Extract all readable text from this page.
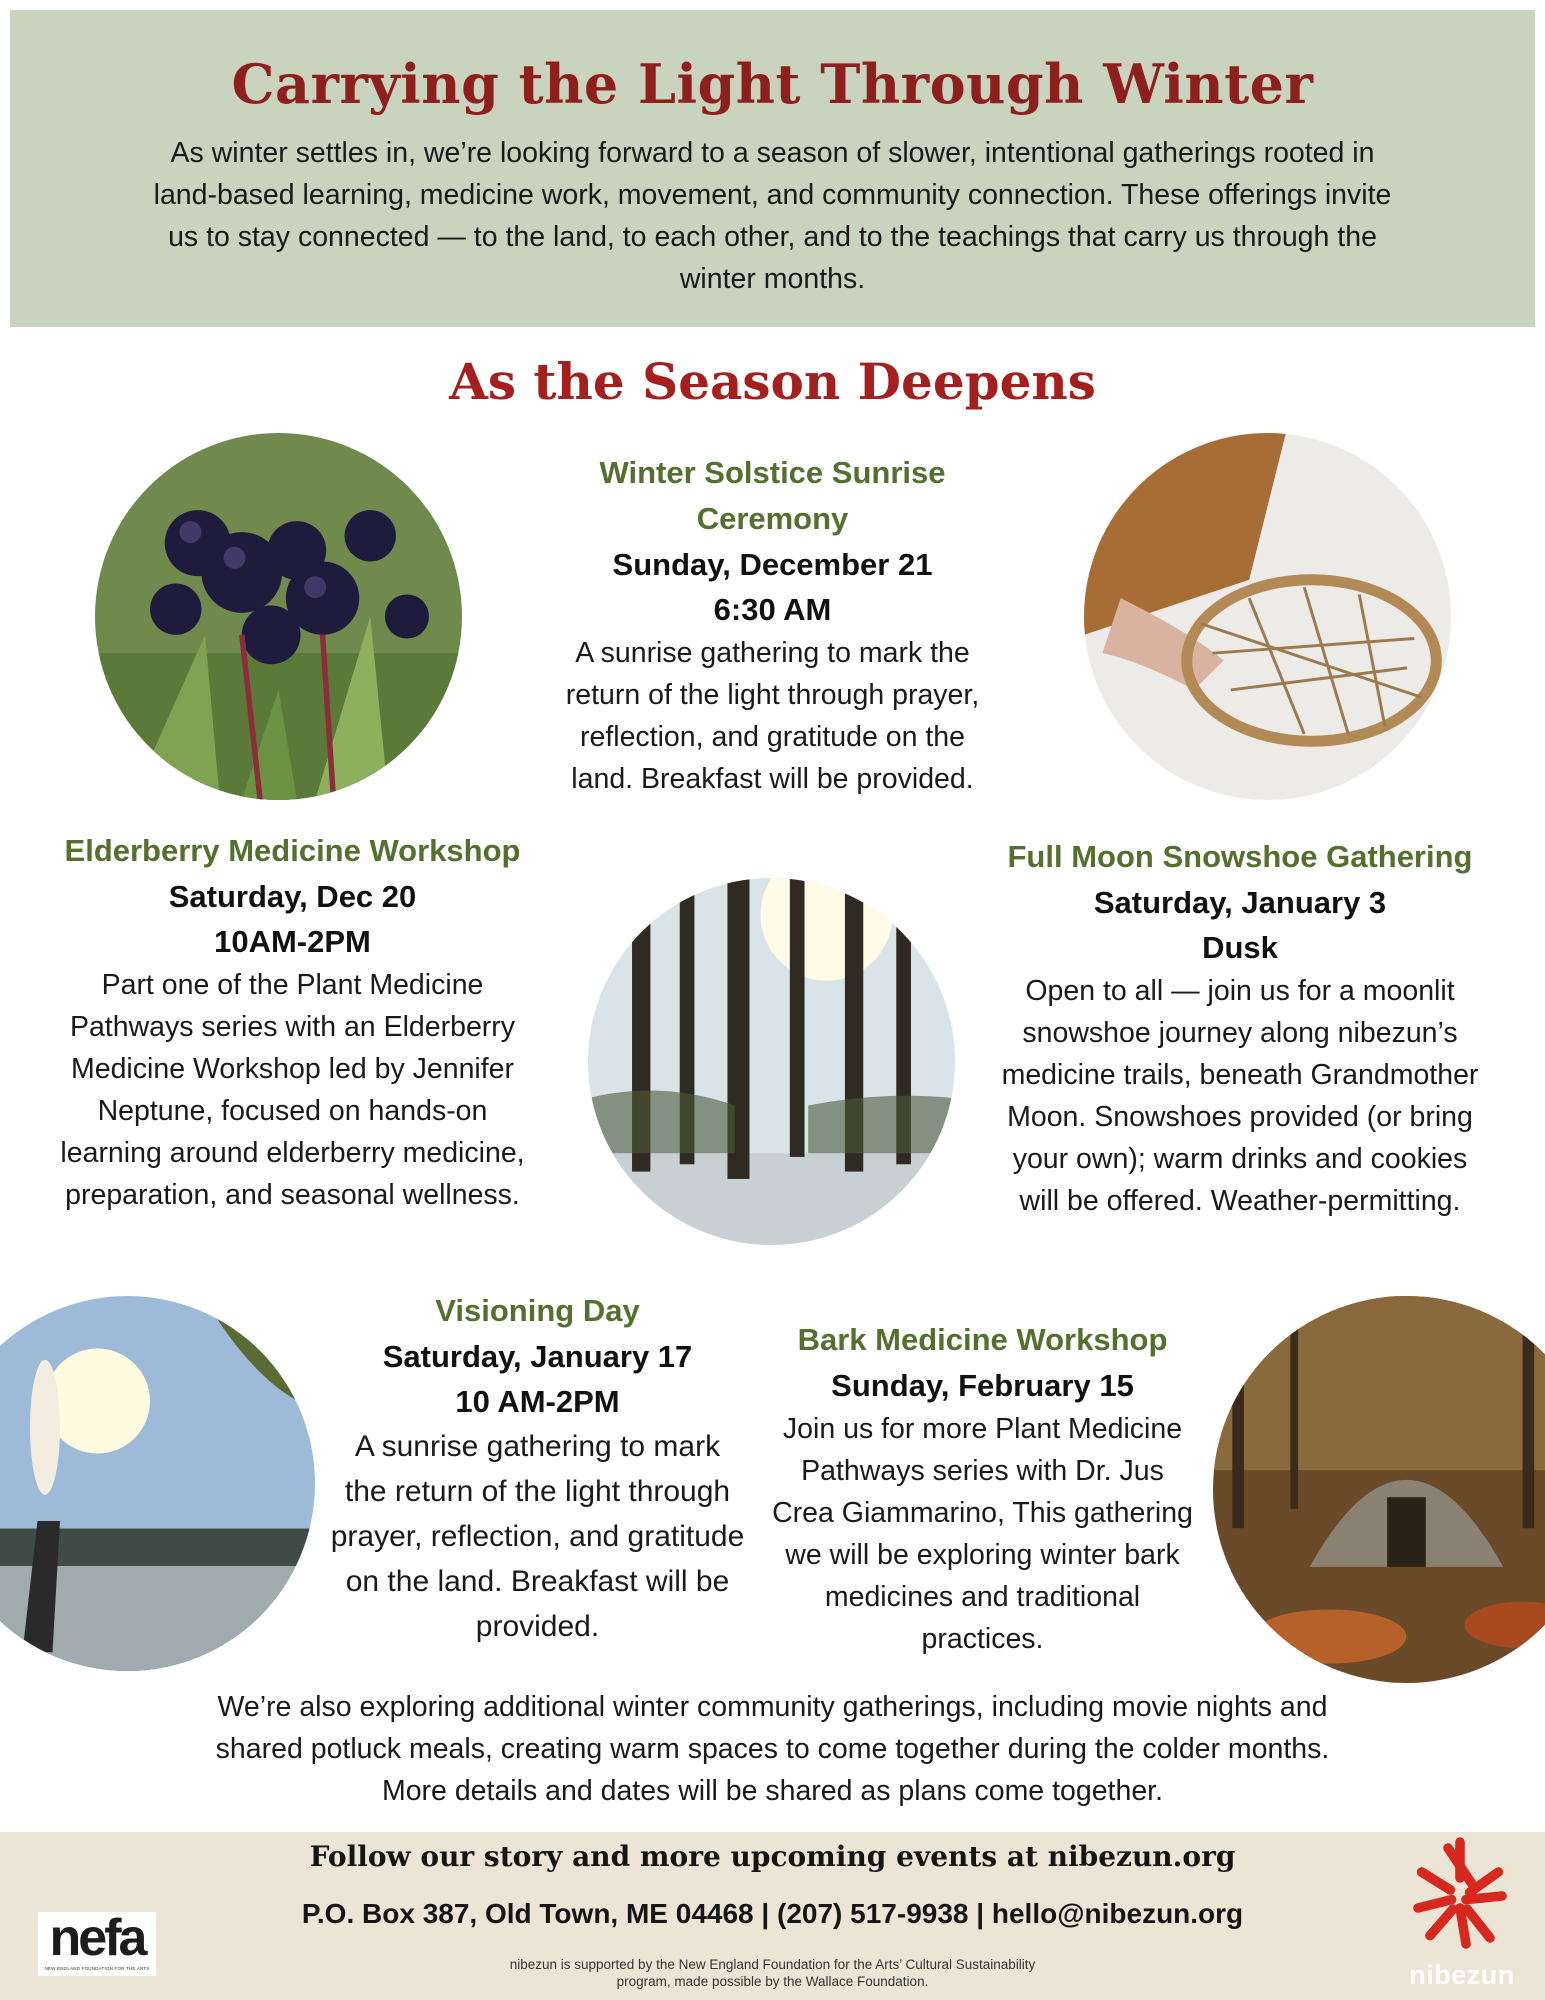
Carrying the Light Through Winter
As winter settles in, we’re looking forward to a season of slower, intentional gatherings rooted in land-based learning, medicine work, movement, and community connection. These offerings invite us to stay connected — to the land, to each other, and to the teachings that carry us through the winter months.
As the Season Deepens
Winter Solstice Sunrise
Ceremony
Sunday, December 21
6:30 AM
A sunrise gathering to mark the return of the light through prayer, reflection, and gratitude on the land. Breakfast will be provided.
Elderberry Medicine Workshop
Saturday, Dec 20
10AM-2PM
Part one of the Plant Medicine Pathways series with an Elderberry Medicine Workshop led by Jennifer Neptune, focused on hands-on learning around elderberry medicine, preparation, and seasonal wellness.
Full Moon Snowshoe Gathering
Saturday, January 3
Dusk
Open to all — join us for a moonlit snowshoe journey along nibezun’s medicine trails, beneath Grandmother Moon. Snowshoes provided (or bring your own); warm drinks and cookies will be offered. Weather-permitting.
Visioning Day
Saturday, January 17
10 AM-2PM
A sunrise gathering to mark the return of the light through prayer, reflection, and gratitude on the land. Breakfast will be provided.
Bark Medicine Workshop
Sunday, February 15
Join us for more Plant Medicine Pathways series with Dr. Jus Crea Giammarino, This gathering we will be exploring winter bark medicines and traditional practices.
We’re also exploring additional winter community gatherings, including movie nights and shared potluck meals, creating warm spaces to come together during the colder months. More details and dates will be shared as plans come together.
Follow our story and more upcoming events at nibezun.org
P.O. Box 387, Old Town, ME 04468 | (207) 517-9938 | hello@nibezun.org
nibezun is supported by the New England Foundation for the Arts’ Cultural Sustainability
program, made possible by the Wallace Foundation.
nefa
NEW ENGLAND FOUNDATION FOR THE ARTS	nibezun
